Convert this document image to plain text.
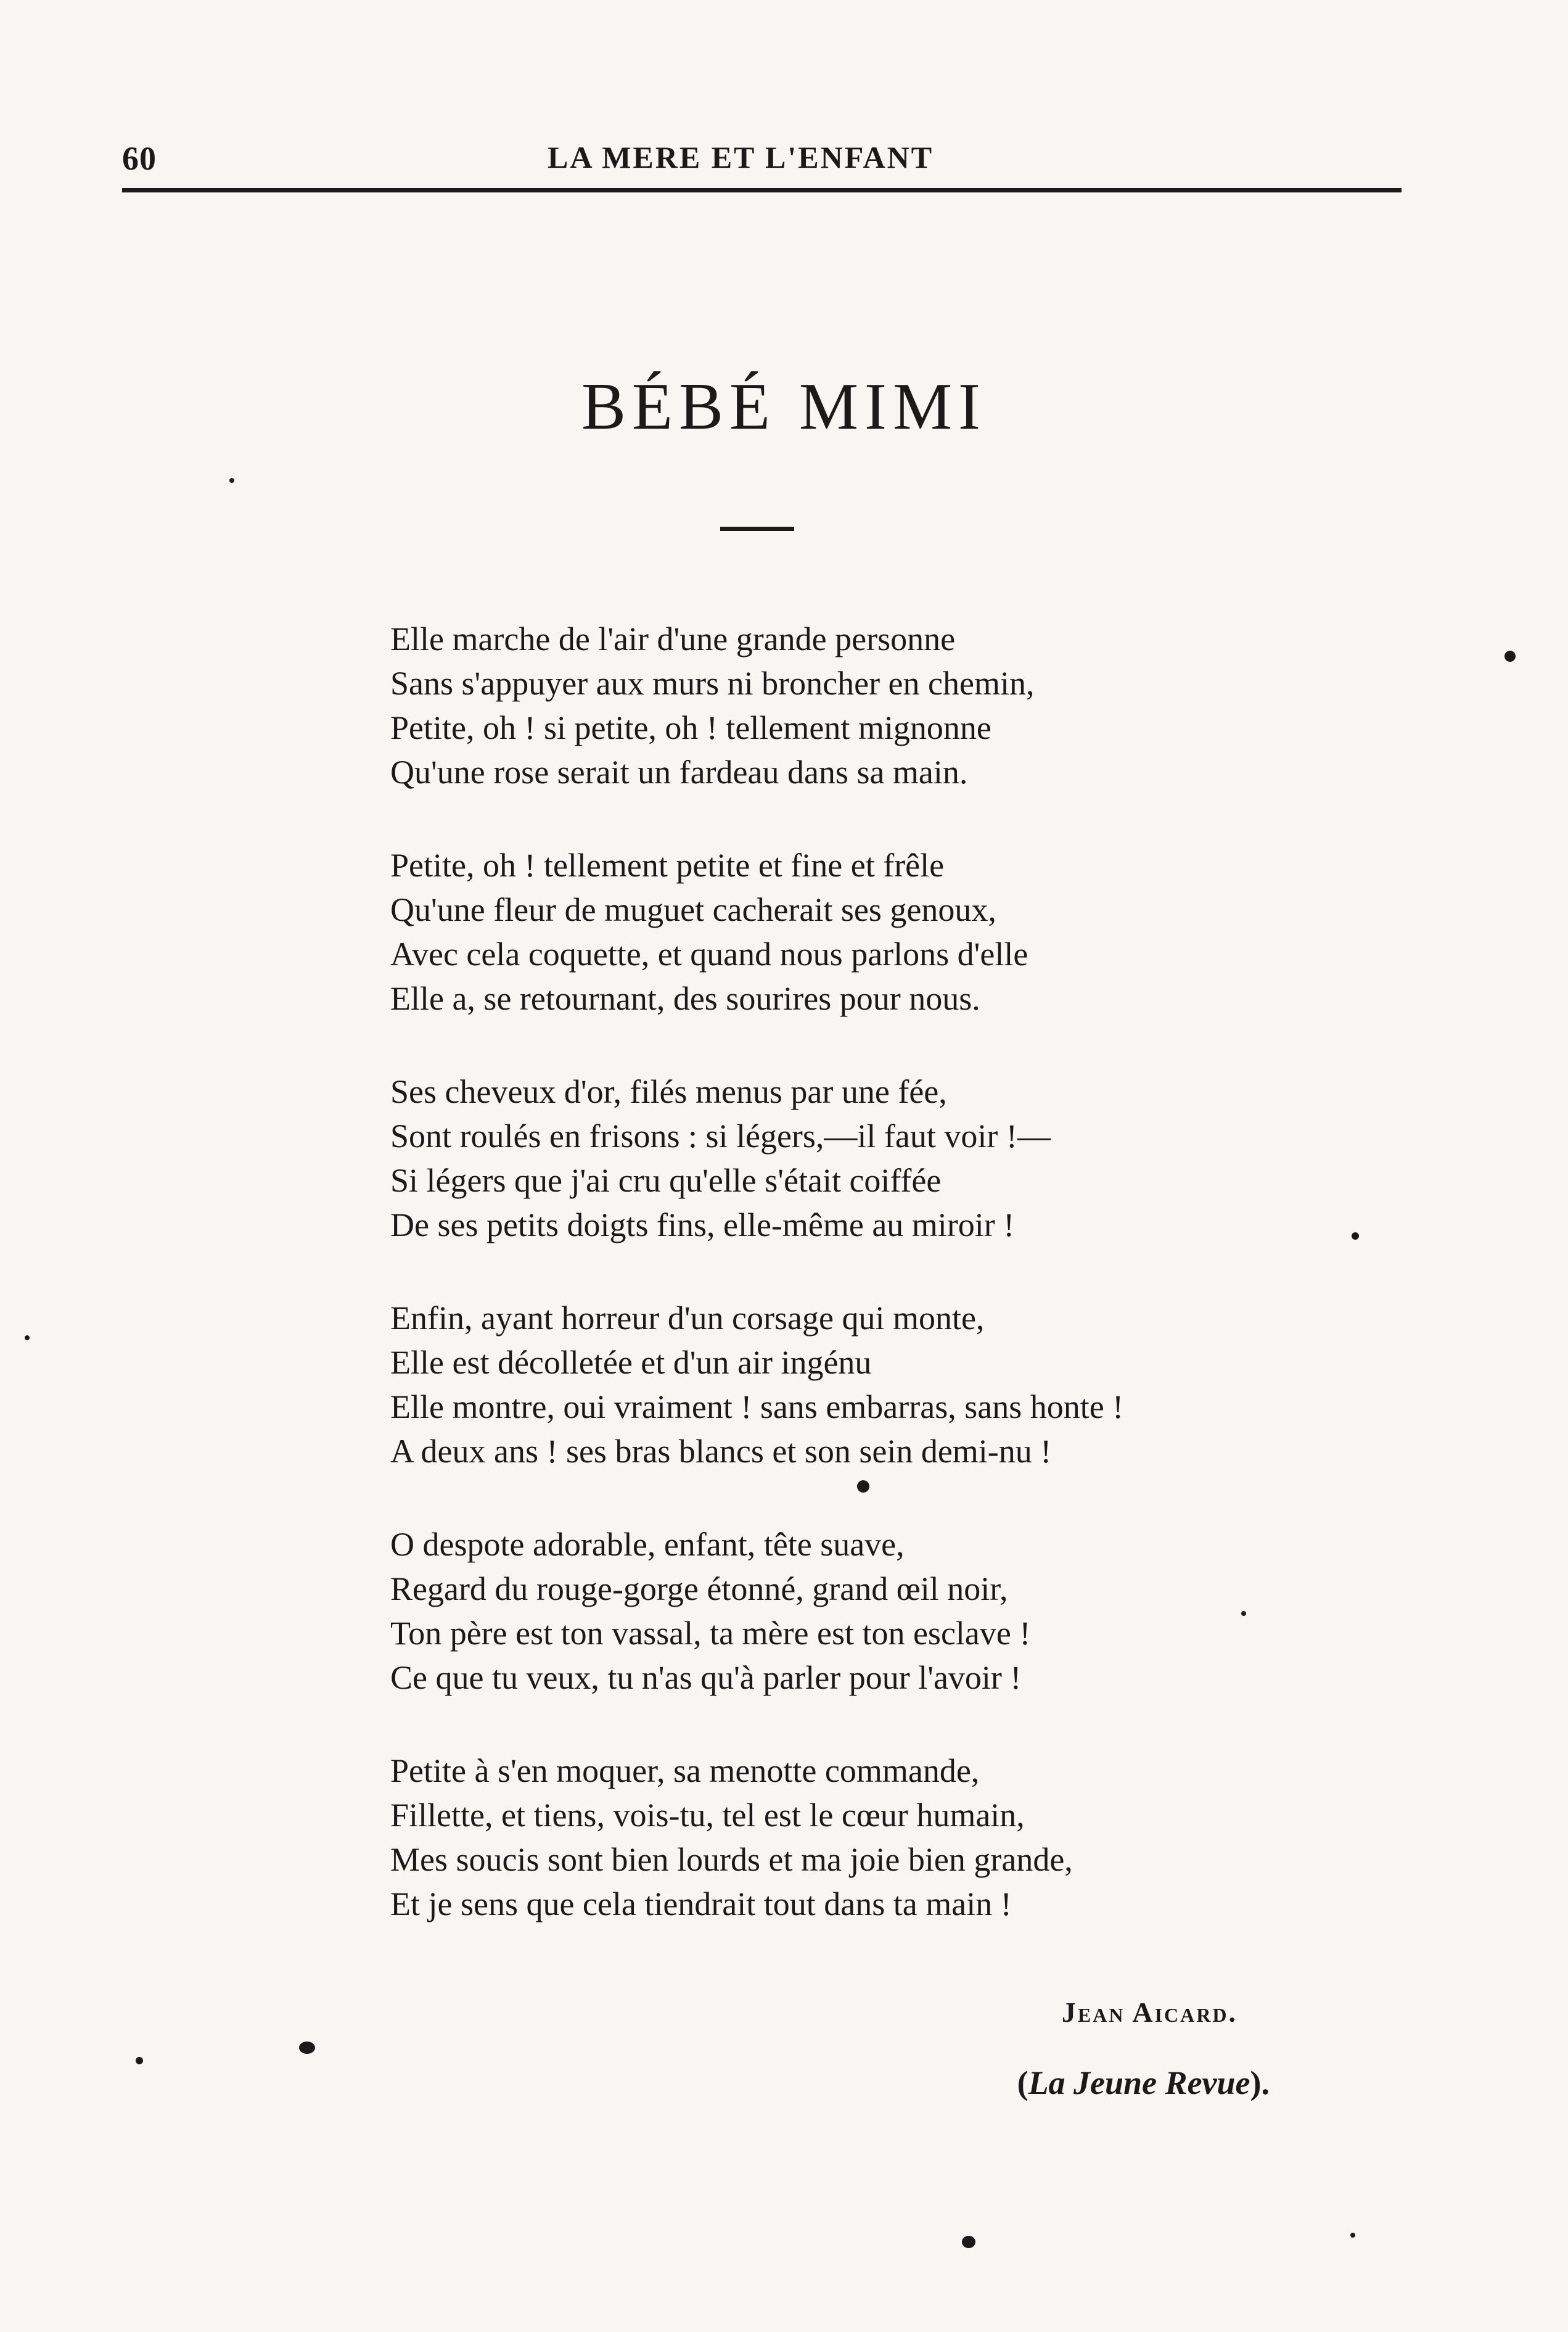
60	LA MERE ET L'ENFANT
BÉBÉ MIMI
Elle marche de l'air d'une grande personne
Sans s'appuyer aux murs ni broncher en chemin,
Petite, oh ! si petite, oh ! tellement mignonne
Qu'une rose serait un fardeau dans sa main.
Petite, oh ! tellement petite et fine et frêle
Qu'une fleur de muguet cacherait ses genoux,
Avec cela coquette, et quand nous parlons d'elle
Elle a, se retournant, des sourires pour nous.
Ses cheveux d'or, filés menus par une fée,
Sont roulés en frisons : si légers,—il faut voir !—
Si légers que j'ai cru qu'elle s'était coiffée
De ses petits doigts fins, elle-même au miroir !
Enfin, ayant horreur d'un corsage qui monte,
Elle est décolletée et d'un air ingénu
Elle montre, oui vraiment ! sans embarras, sans honte !
A deux ans ! ses bras blancs et son sein demi-nu !
O despote adorable, enfant, tête suave,
Regard du rouge-gorge étonné, grand œil noir,
Ton père est ton vassal, ta mère est ton esclave !
Ce que tu veux, tu n'as qu'à parler pour l'avoir !
Petite à s'en moquer, sa menotte commande,
Fillette, et tiens, vois-tu, tel est le cœur humain,
Mes soucis sont bien lourds et ma joie bien grande,
Et je sens que cela tiendrait tout dans ta main !
Jean Aicard.
(La Jeune Revue).
